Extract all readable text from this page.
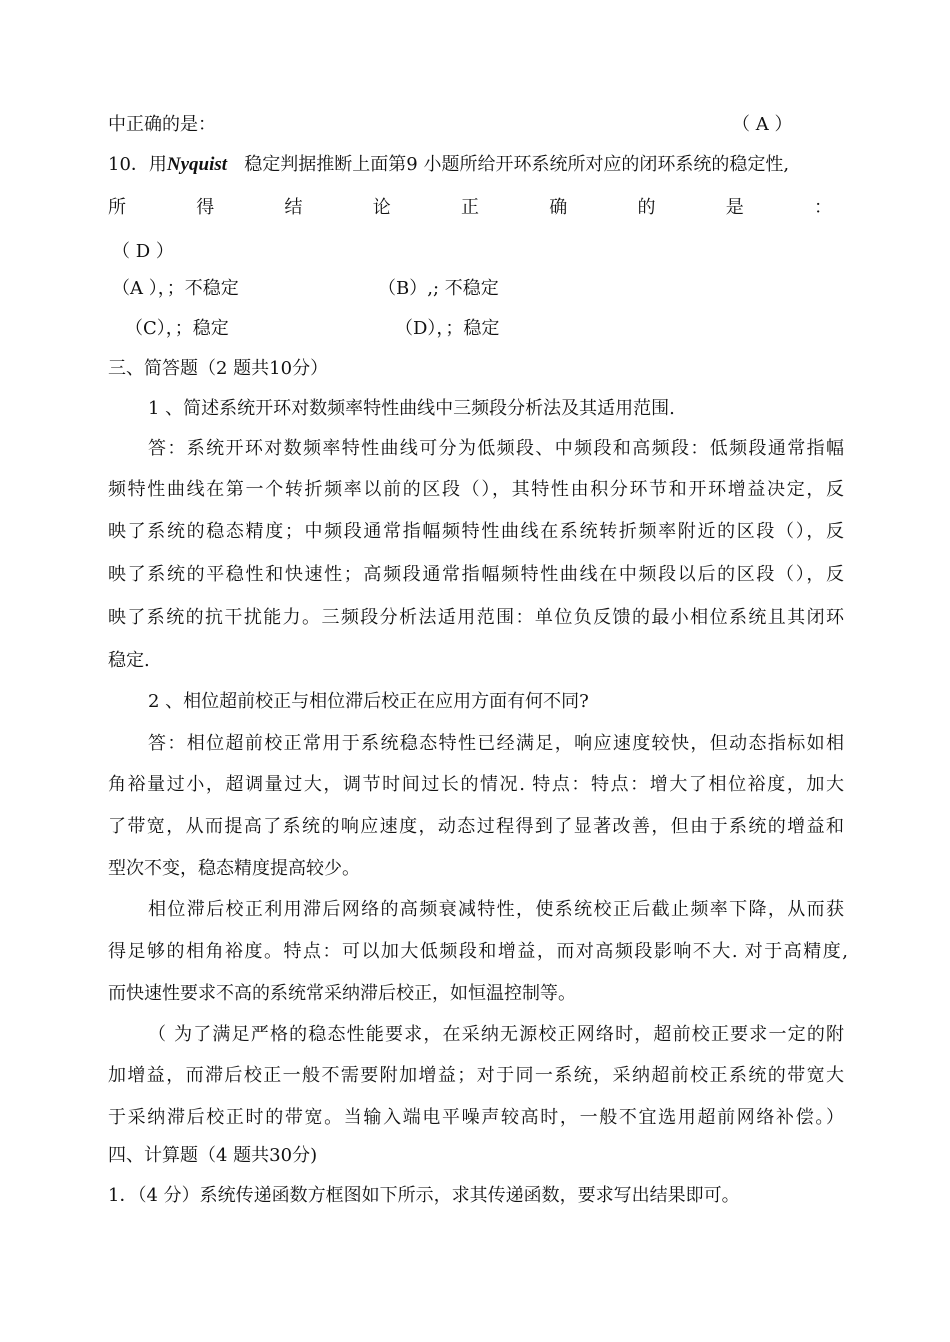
中正确的是：	（ A ）
10．用Nyquist 稳定判据推断上面第9 小题所给开环系统所对应的闭环系统的稳定性,
所	得	结	论	正	确	的	是	：
（ D ）
（A ），；不稳定	（B）,; 不稳定
（C），；稳定	（D），；稳定
三、简答题（2 题共10分）
1 、简述系统开环对数频率特性曲线中三频段分析法及其适用范围.
答：系统开环对数频率特性曲线可分为低频段、中频段和高频段：低频段通常指幅
频特性曲线在第一个转折频率以前的区段（），其特性由积分环节和开环增益决定，反
映了系统的稳态精度；中频段通常指幅频特性曲线在系统转折频率附近的区段（），反
映了系统的平稳性和快速性；高频段通常指幅频特性曲线在中频段以后的区段（），反
映了系统的抗干扰能力。三频段分析法适用范围：单位负反馈的最小相位系统且其闭环
稳定.
2 、相位超前校正与相位滞后校正在应用方面有何不同?
答：相位超前校正常用于系统稳态特性已经满足，响应速度较快，但动态指标如相
角裕量过小，超调量过大，调节时间过长的情况. 特点：特点：增大了相位裕度，加大
了带宽，从而提高了系统的响应速度，动态过程得到了显著改善，但由于系统的增益和
型次不变，稳态精度提高较少。
相位滞后校正利用滞后网络的高频衰减特性，使系统校正后截止频率下降，从而获
得足够的相角裕度。特点：可以加大低频段和增益，而对高频段影响不大. 对于高精度,
而快速性要求不高的系统常采纳滞后校正，如恒温控制等。
（ 为了满足严格的稳态性能要求，在采纳无源校正网络时，超前校正要求一定的附
加增益，而滞后校正一般不需要附加增益；对于同一系统，采纳超前校正系统的带宽大
于采纳滞后校正时的带宽。当输入端电平噪声较高时，一般不宜选用超前网络补偿。）
四、计算题（4 题共30分)
1．（4 分）系统传递函数方框图如下所示，求其传递函数，要求写出结果即可。
